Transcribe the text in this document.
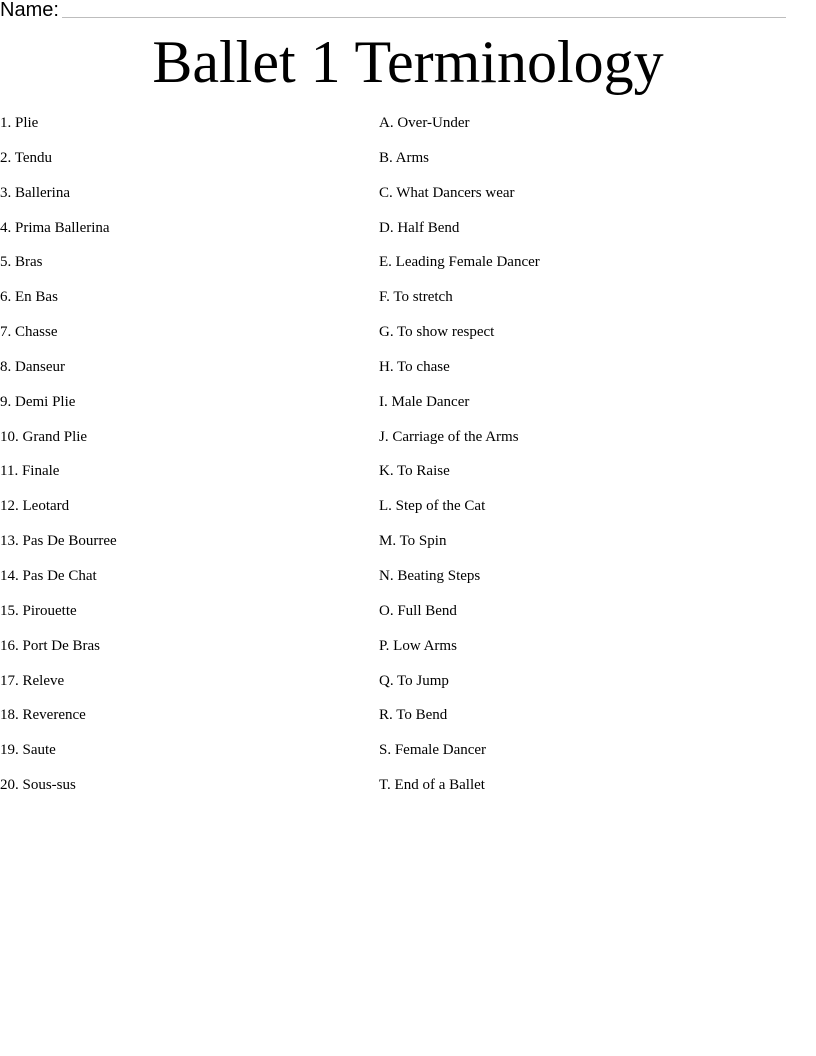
Name:
Ballet 1 Terminology
1. Plie
2. Tendu
3. Ballerina
4. Prima Ballerina
5. Bras
6. En Bas
7. Chasse
8. Danseur
9. Demi Plie
10. Grand Plie
11. Finale
12. Leotard
13. Pas De Bourree
14. Pas De Chat
15. Pirouette
16. Port De Bras
17. Releve
18. Reverence
19. Saute
20. Sous-sus
A. Over-Under
B. Arms
C. What Dancers wear
D. Half Bend
E. Leading Female Dancer
F. To stretch
G. To show respect
H. To chase
I. Male Dancer
J. Carriage of the Arms
K. To Raise
L. Step of the Cat
M. To Spin
N. Beating Steps
O. Full Bend
P. Low Arms
Q. To Jump
R. To Bend
S. Female Dancer
T. End of a Ballet
